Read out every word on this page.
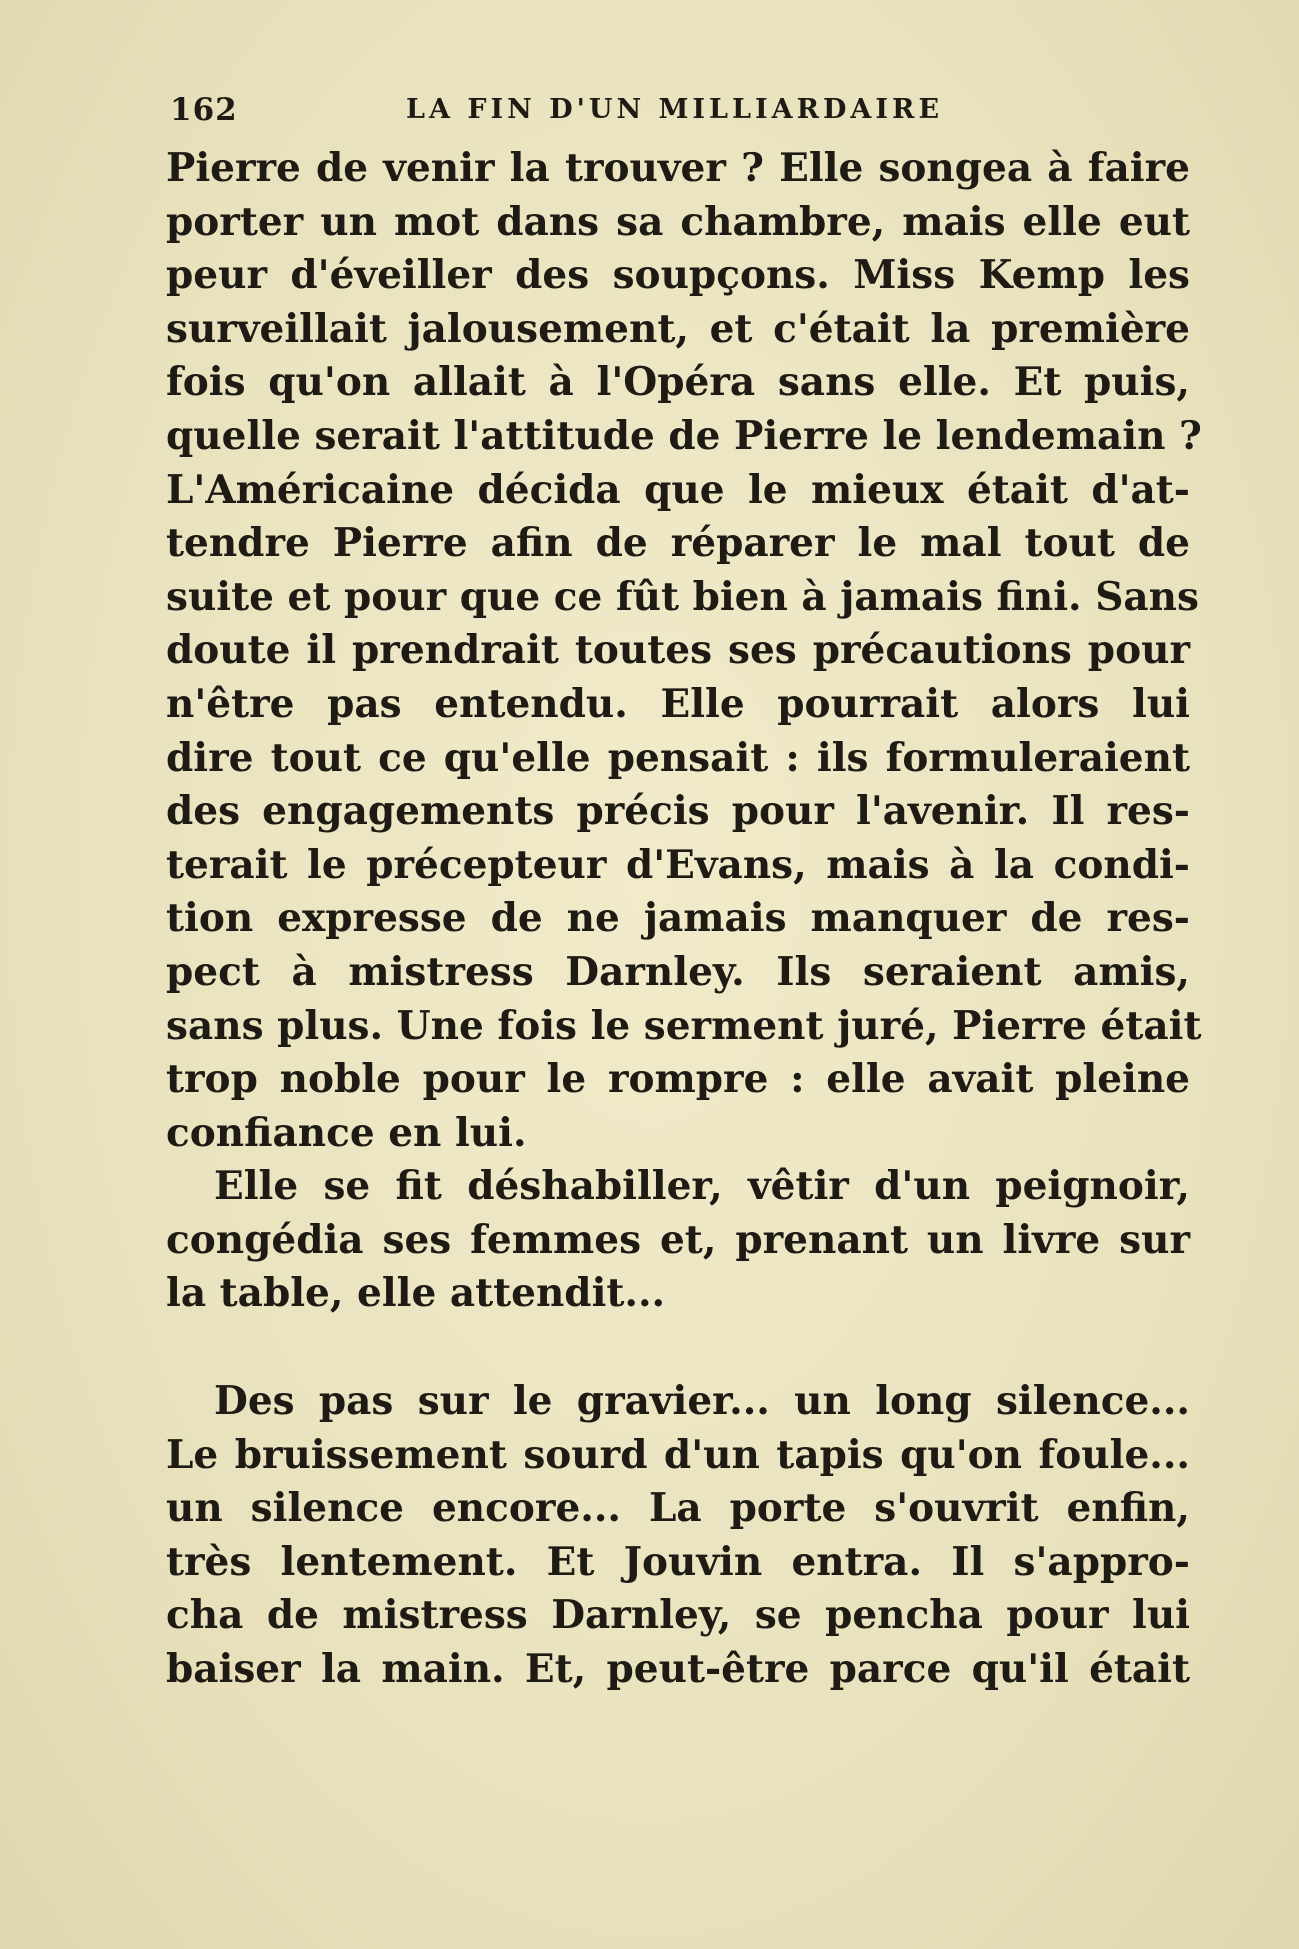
162	LA FIN D'UN MILLIARDAIRE
Pierre de venir la trouver ? Elle songea à faire
porter un mot dans sa chambre, mais elle eut
peur d'éveiller des soupçons. Miss Kemp les
surveillait jalousement, et c'était la première
fois qu'on allait à l'Opéra sans elle. Et puis,
quelle serait l'attitude de Pierre le lendemain ?
L'Américaine décida que le mieux était d'at-
tendre Pierre afin de réparer le mal tout de
suite et pour que ce fût bien à jamais fini. Sans
doute il prendrait toutes ses précautions pour
n'être pas entendu. Elle pourrait alors lui
dire tout ce qu'elle pensait : ils formuleraient
des engagements précis pour l'avenir. Il res-
terait le précepteur d'Evans, mais à la condi-
tion expresse de ne jamais manquer de res-
pect à mistress Darnley. Ils seraient amis,
sans plus. Une fois le serment juré, Pierre était
trop noble pour le rompre : elle avait pleine
confiance en lui.
Elle se fit déshabiller, vêtir d'un peignoir,
congédia ses femmes et, prenant un livre sur
la table, elle attendit...
Des pas sur le gravier... un long silence...
Le bruissement sourd d'un tapis qu'on foule...
un silence encore... La porte s'ouvrit enfin,
très lentement. Et Jouvin entra. Il s'appro-
cha de mistress Darnley, se pencha pour lui
baiser la main. Et, peut-être parce qu'il était
